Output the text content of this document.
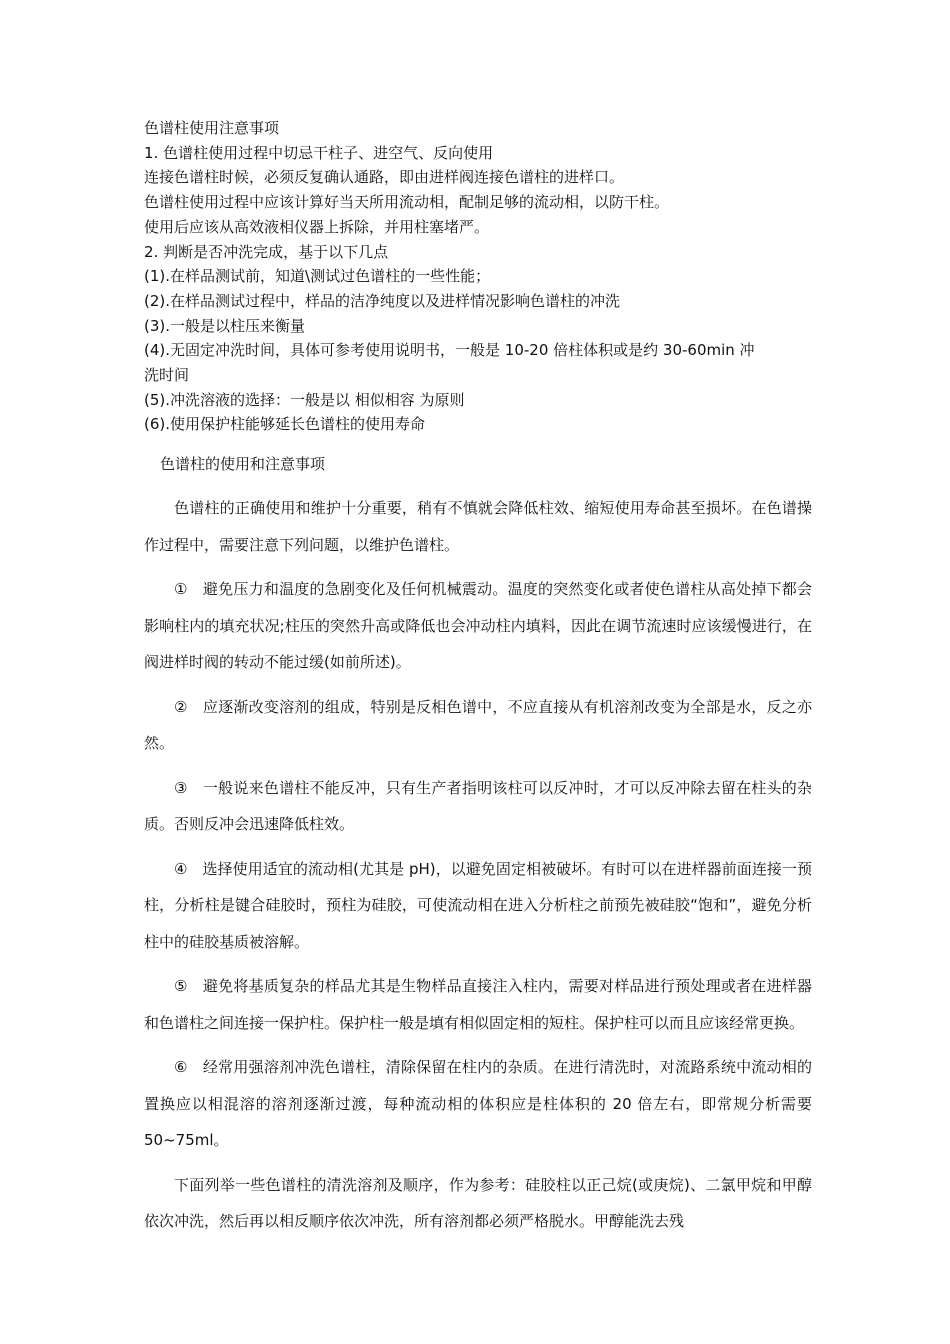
色谱柱使用注意事项
1. 色谱柱使用过程中切忌干柱子、进空气、反向使用
连接色谱柱时候，必须反复确认通路，即由进样阀连接色谱柱的进样口。
色谱柱使用过程中应该计算好当天所用流动相，配制足够的流动相，以防干柱。
使用后应该从高效液相仪器上拆除，并用柱塞堵严。
2. 判断是否冲洗完成，基于以下几点
(1).在样品测试前，知道\测试过色谱柱的一些性能；
(2).在样品测试过程中，样品的洁净纯度以及进样情况影响色谱柱的冲洗
(3).一般是以柱压来衡量
(4).无固定冲洗时间，具体可参考使用说明书，一般是 10-20 倍柱体积或是约 30-60min 冲
洗时间
(5).冲洗溶液的选择：一般是以 相似相容 为原则
(6).使用保护柱能够延长色谱柱的使用寿命
色谱柱的使用和注意事项

色谱柱的正确使用和维护十分重要，稍有不慎就会降低柱效、缩短使用寿命甚至损坏。在色谱操作过程中，需要注意下列问题，以维护色谱柱。

①　避免压力和温度的急剧变化及任何机械震动。温度的突然变化或者使色谱柱从高处掉下都会影响柱内的填充状况;柱压的突然升高或降低也会冲动柱内填料，因此在调节流速时应该缓慢进行，在阀进样时阀的转动不能过缓(如前所述)。

②　应逐渐改变溶剂的组成，特别是反相色谱中，不应直接从有机溶剂改变为全部是水，反之亦然。

③　一般说来色谱柱不能反冲，只有生产者指明该柱可以反冲时，才可以反冲除去留在柱头的杂质。否则反冲会迅速降低柱效。

④　选择使用适宜的流动相(尤其是 pH)，以避免固定相被破坏。有时可以在进样器前面连接一预柱，分析柱是键合硅胶时，预柱为硅胶，可使流动相在进入分析柱之前预先被硅胶“饱和”，避免分析柱中的硅胶基质被溶解。

⑤　避免将基质复杂的样品尤其是生物样品直接注入柱内，需要对样品进行预处理或者在进样器和色谱柱之间连接一保护柱。保护柱一般是填有相似固定相的短柱。保护柱可以而且应该经常更换。

⑥　经常用强溶剂冲洗色谱柱，清除保留在柱内的杂质。在进行清洗时，对流路系统中流动相的置换应以相混溶的溶剂逐渐过渡，每种流动相的体积应是柱体积的 20 倍左右，即常规分析需要 50~75ml。

下面列举一些色谱柱的清洗溶剂及顺序，作为参考：硅胶柱以正己烷(或庚烷)、二氯甲烷和甲醇依次冲洗，然后再以相反顺序依次冲洗，所有溶剂都必须严格脱水。甲醇能洗去残
